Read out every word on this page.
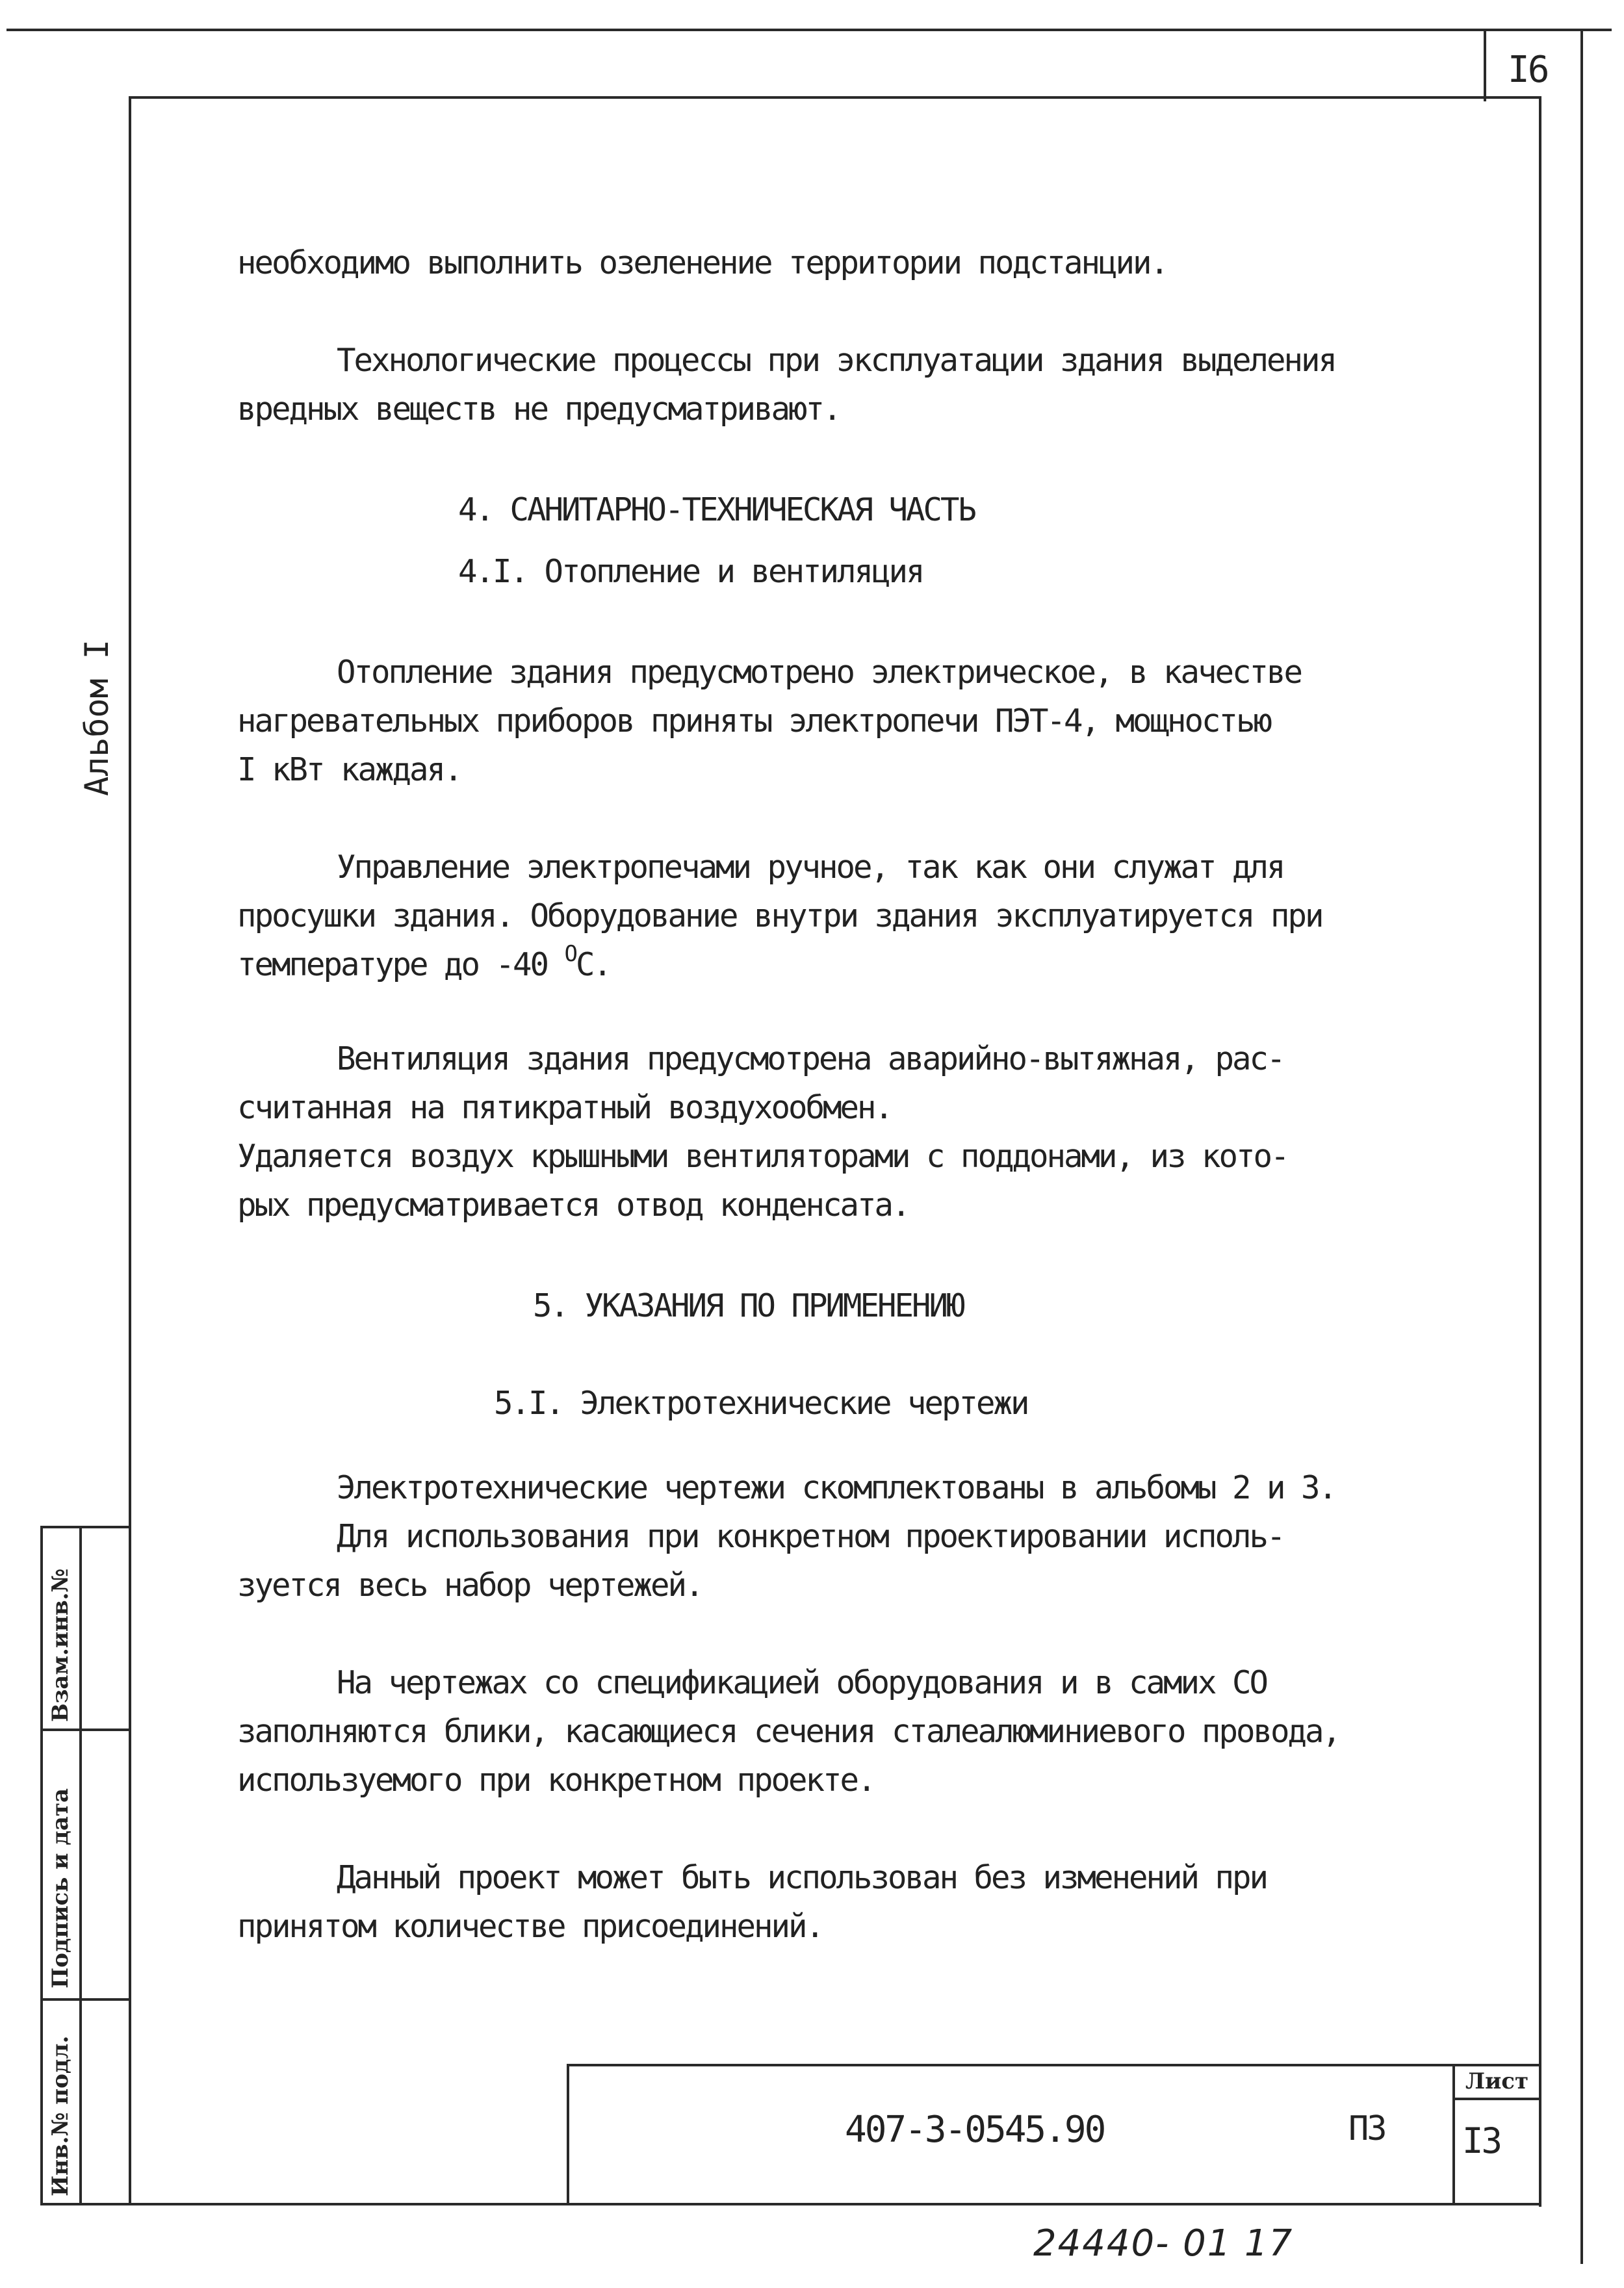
I6
Альбом I
необходимо выполнить озеленение территории подстанции.
Технологические процессы при эксплуатации здания выделения
вредных веществ не предусматривают.
4. САНИТАРНО-ТЕХНИЧЕСКАЯ ЧАСТЬ
4.I. Отопление и вентиляция
Отопление здания предусмотрено электрическое, в качестве
нагревательных приборов приняты электропечи ПЭТ-4, мощностью
I кВт каждая.
Управление электропечами ручное, так как они служат для
просушки здания. Оборудование внутри здания эксплуатируется при
температуре до -40 $^О$С.
Вентиляция здания предусмотрена аварийно-вытяжная, рас-
считанная на пятикратный воздухообмен.
Удаляется воздух крышными вентиляторами с поддонами, из кото-
рых предусматривается отвод конденсата.
5. УКАЗАНИЯ ПО ПРИМЕНЕНИЮ
5.I. Электротехнические чертежи
Электротехнические чертежи скомплектованы в альбомы 2 и 3.
Для использования при конкретном проектировании исполь-
зуется весь набор чертежей.
На чертежах со спецификацией оборудования и в самих СО
заполняются блики, касающиеся сечения сталеалюминиевого провода,
используемого при конкретном проекте.
Данный проект может быть использован без изменений при
принятом количестве присоединений.
Взам.инв.№
Подпись и дата
Инв.№ подл.	407-3-0545.90	ПЗ
Лист
I3
24440- 01 17
